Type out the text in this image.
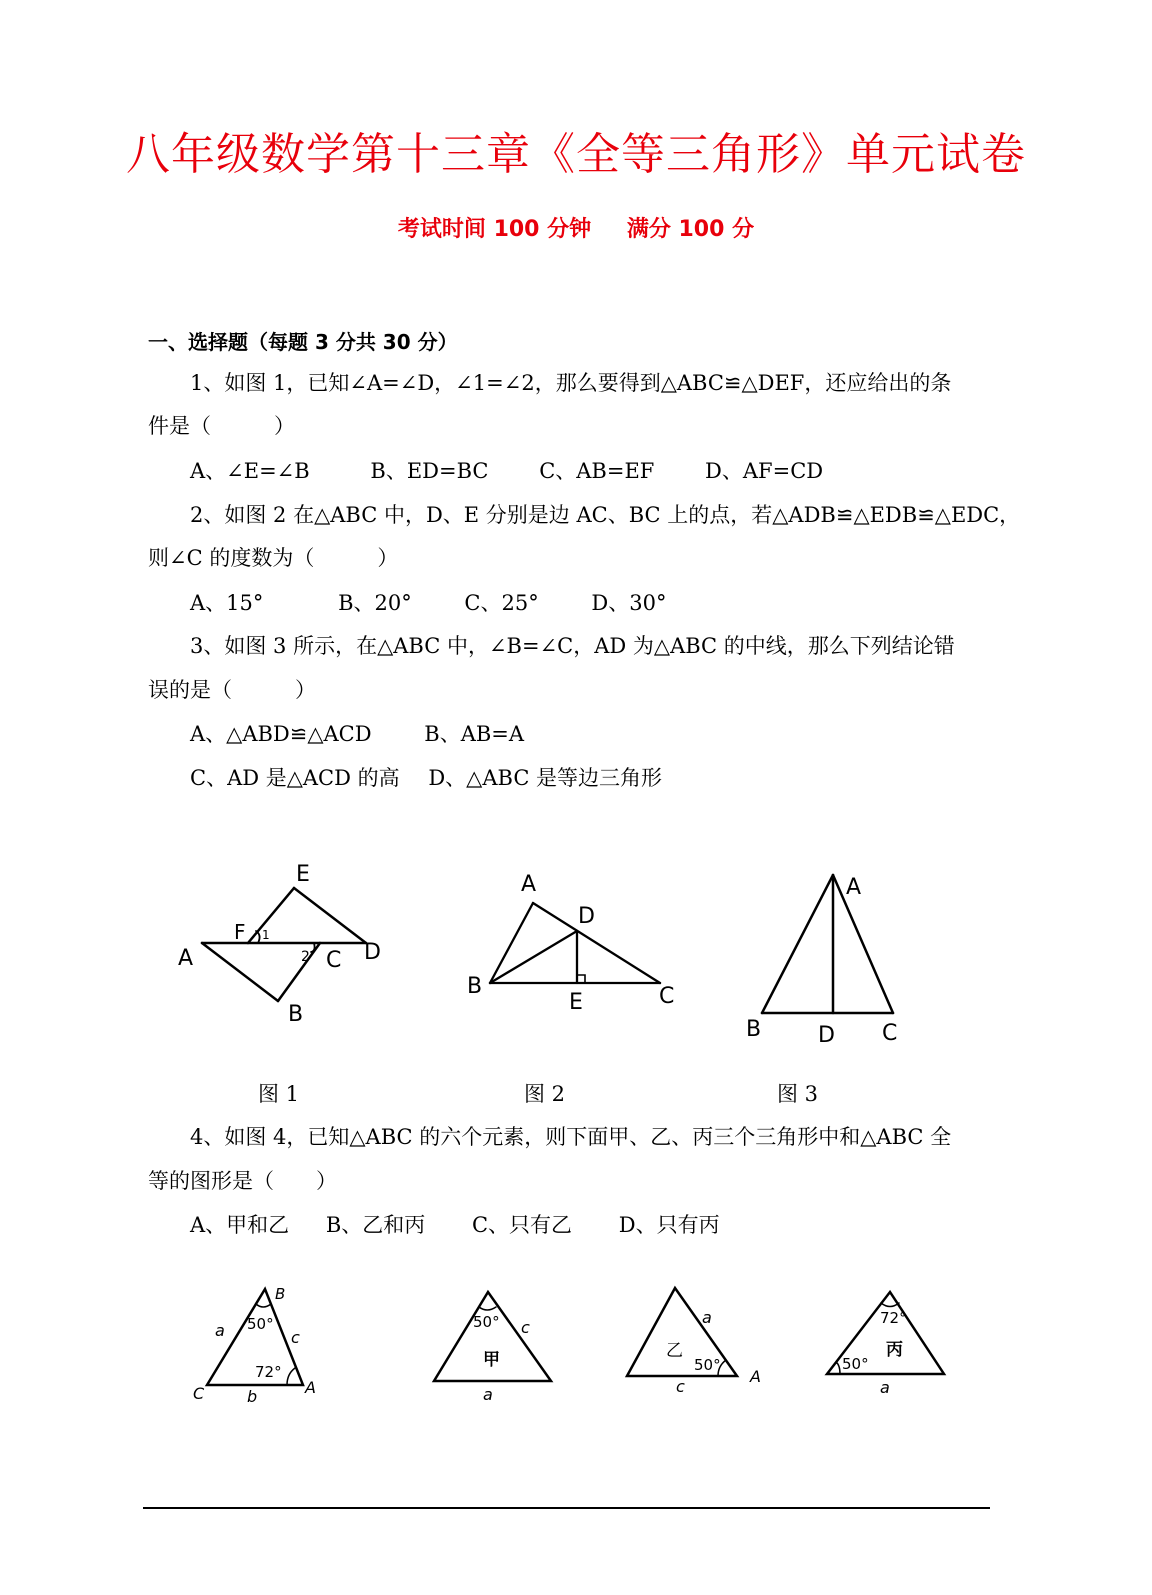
八年级数学第十三章《全等三角形》单元试卷
考试时间 100 分钟 满分 100 分
一、选择题（每题 3 分共 30 分）
1、如图 1，已知∠A=∠D，∠1=∠2，那么要得到△ABC≌△DEF，还应给出的条
件是（　　　）
A、∠E=∠B	B、ED=BC C、AB=EF D、AF=CD
2、如图 2 在△ABC 中，D、E 分别是边 AC、BC 上的点，若△ADB≌△EDB≌△EDC，
则∠C 的度数为（　　　）
A、15°	B、20°	C、25°	D、30°
3、如图 3 所示，在△ABC 中，∠B=∠C，AD 为△ABC 的中线，那么下列结论错
误的是（　　　）
A、△ABD≌△ACD	B、AB=A
C、AD 是△ACD 的高 D、△ABC 是等边三角形
A
B
C D
E
F 1
2
图 1
A
B	C
D
E
图 2
A
B	C
D
图 3
4、如图 4，已知△ABC 的六个元素，则下面甲、乙、丙三个三角形中和△ABC 全
等的图形是（　　）
A、甲和乙 B、乙和丙 C、只有乙 D、只有丙
B
C	A
a
b
c
50°
72°
50° c
甲
a
a
乙
50°
c
A
72°
50°
丙
a
